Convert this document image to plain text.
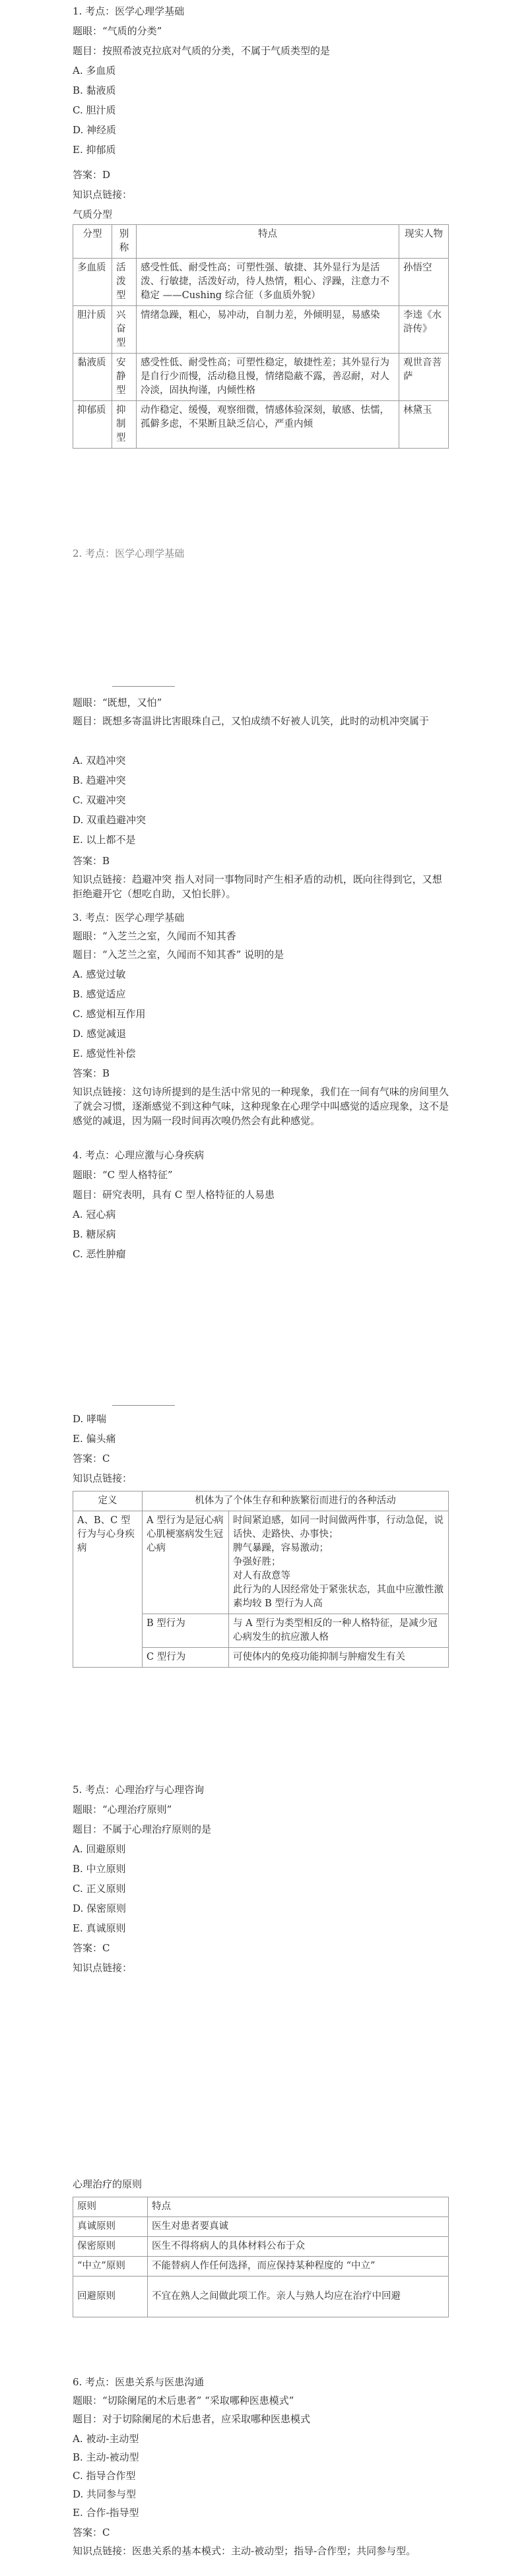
1. 考点：医学心理学基础
题眼：“气质的分类”
题目：按照希波克拉底对气质的分类，不属于气质类型的是
A. 多血质
B. 黏液质
C. 胆汁质
D. 神经质
E. 抑郁质
答案：D
知识点链接：
气质分型
分型	别称	特点	现实人物
多血质	活泼型	感受性低、耐受性高；可塑性强、敏捷、其外显行为是活泼、行敏捷，活泼好动，待人热情，粗心、浮躁，注意力不稳定 ——Cushing 综合征（多血质外貌）	孙悟空
胆汁质	兴奋型	情绪急躁，粗心，易冲动，自制力差，外倾明显，易感染	李逵《水浒传》
黏液质	安静型	感受性低、耐受性高；可塑性稳定，敏捷性差；其外显行为是自行少而慢，活动稳且慢，情绪隐蔽不露，善忍耐，对人冷淡，固执拘谨，内倾性格	观世音菩萨
抑郁质	抑制型	动作稳定、缓慢，观察细微，情感体验深刻，敏感、怯懦，孤僻多虑，不果断且缺乏信心，严重内倾	林黛玉
2. 考点：医学心理学基础
题眼：“既想，又怕”
题目：既想多寄温讲比害眼珠自己，又怕成绩不好被人讥笑，此时的动机冲突属于
A. 双趋冲突
B. 趋避冲突
C. 双避冲突
D. 双重趋避冲突
E. 以上都不是
答案：B
知识点链接：趋避冲突 指人对同一事物同时产生相矛盾的动机，既向往得到它，又想拒绝避开它（想吃自助，又怕长胖）。
3. 考点：医学心理学基础
题眼：“入芝兰之室，久闻而不知其香
题目：“入芝兰之室，久闻而不知其香” 说明的是
A. 感觉过敏
B. 感觉适应
C. 感觉相互作用
D. 感觉减退
E. 感觉性补偿
答案：B
知识点链接：这句诗所提到的是生活中常见的一种现象，我们在一间有气味的房间里久了就会习惯，逐渐感觉不到这种气味，这种现象在心理学中叫感觉的适应现象，这不是感觉的减退，因为隔一段时间再次嗅仍然会有此种感觉。
4. 考点：心理应激与心身疾病
题眼：“C 型人格特征”
题目：研究表明，具有 C 型人格特征的人易患
A. 冠心病
B. 糖尿病
C. 恶性肿瘤
D. 哮喘
E. 偏头痛
答案：C
知识点链接：
定义	机体为了个体生存和种族繁衍而进行的各种活动	
A、B、C 型行为与心身疾病	A 型行为是冠心病心肌梗塞病发生冠心病	时间紧迫感，如同一时间做两件事，行动急促，说话快、走路快、办事快；
脾气暴躁，容易激动；
争强好胜；
对人有敌意等
此行为的人因经常处于紧张状态，其血中应激性激素均较 B 型行为人高

	B 型行为	与 A 型行为类型相反的一种人格特征，是减少冠心病发生的抗应激人格
	C 型行为	可使体内的免疫功能抑制与肿瘤发生有关
5. 考点：心理治疗与心理咨询
题眼：“心理治疗原则”
题目：不属于心理治疗原则的是
A. 回避原则
B. 中立原则
C. 正义原则
D. 保密原则
E. 真诚原则
答案：C
知识点链接：
心理治疗的原则
原则	特点
真诚原则	医生对患者要真诚
保密原则	医生不得将病人的具体材料公布于众
“中立”原则	不能替病人作任何选择，而应保持某种程度的 “中立”
回避原则	不宜在熟人之间做此项工作。亲人与熟人均应在治疗中回避
6. 考点：医患关系与医患沟通
题眼：“切除阑尾的术后患者” “采取哪种医患模式”
题目：对于切除阑尾的术后患者，应采取哪种医患模式
A. 被动-主动型
B. 主动-被动型
C. 指导合作型
D. 共同参与型
E. 合作-指导型
答案：C
知识点链接：医患关系的基本模式：主动-被动型；指导-合作型；共同参与型。
